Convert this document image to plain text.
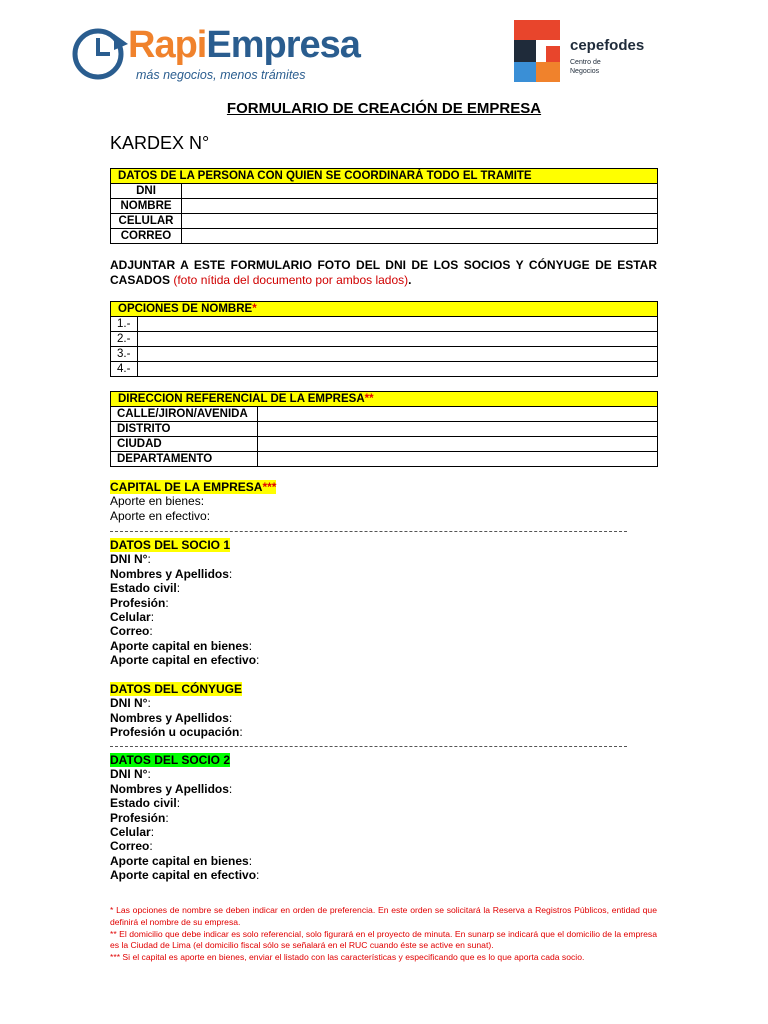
RapiEmpresa
más negocios, menos trámites
cepefodes
Centro de Negocios
FORMULARIO DE CREACIÓN DE EMPRESA
KARDEX N°
DATOS DE LA PERSONA CON QUIEN SE COORDINARÁ TODO EL TRAMITE	
DNI	
NOMBRE	
CELULAR	
CORREO	
ADJUNTAR A ESTE FORMULARIO FOTO DEL DNI DE LOS SOCIOS Y CÓNYUGE DE ESTAR CASADOS (foto nítida del documento por ambos lados).
OPCIONES DE NOMBRE*	
1.-	
2.-	
3.-	
4.-	
DIRECCION REFERENCIAL DE LA EMPRESA**	
CALLE/JIRON/AVENIDA	
DISTRITO	
CIUDAD	
DEPARTAMENTO	
CAPITAL DE LA EMPRESA***
Aporte en bienes:
Aporte en efectivo:
DATOS DEL SOCIO 1
DNI N°:
Nombres y Apellidos:
Estado civil:
Profesión:
Celular:
Correo:
Aporte capital en bienes:
Aporte capital en efectivo:
DATOS DEL CÓNYUGE
DNI N°:
Nombres y Apellidos:
Profesión u ocupación:
DATOS DEL SOCIO 2
DNI N°:
Nombres y Apellidos:
Estado civil:
Profesión:
Celular:
Correo:
Aporte capital en bienes:
Aporte capital en efectivo:
* Las opciones de nombre se deben indicar en orden de preferencia. En este orden se solicitará la Reserva a Registros Públicos, entidad que definirá el nombre de su empresa.
** El domicilio que debe indicar es solo referencial, solo figurará en el proyecto de minuta. En sunarp se indicará que el domicilio de la empresa es la Ciudad de Lima (el domicilio fiscal sólo se señalará en el RUC cuando éste se active en sunat).
*** Si el capital es aporte en bienes, enviar el listado con las características y especificando que es lo que aporta cada socio.
